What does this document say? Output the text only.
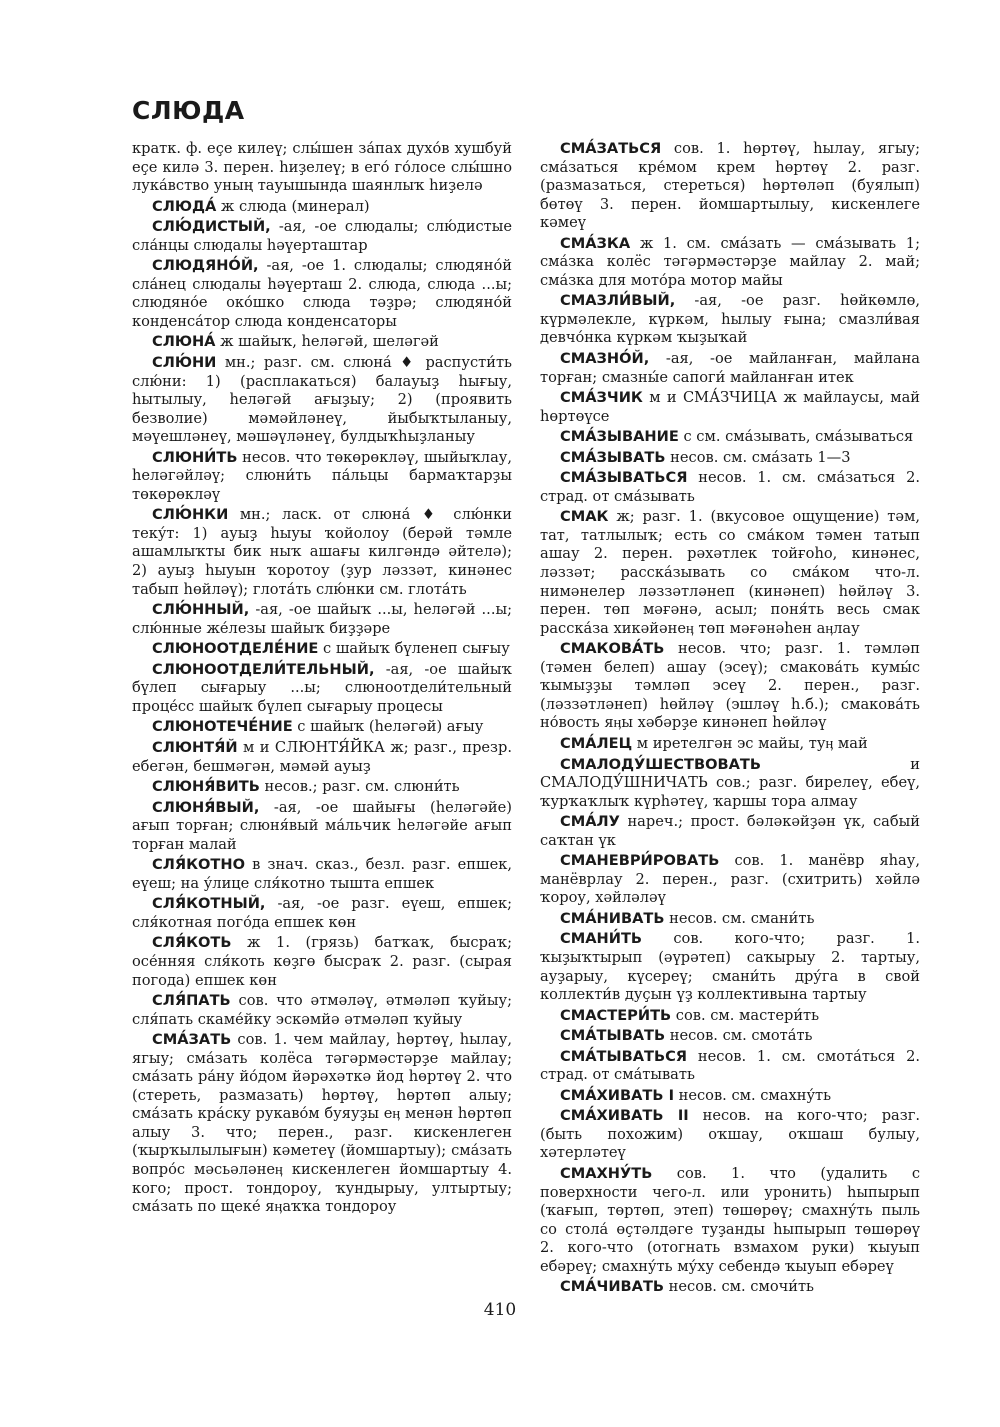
СЛЮДА

кратк. ф. еҫе килеү; слы́шен за́пах духо́в хушбуй еҫе килә 3. перен. һиҙелеү; в его́ го́лосе слы́шно лука́вство уның тауышында шаянлыҡ һиҙелә

СЛЮДА́ ж слюда (минерал)

СЛЮ́ДИСТЫЙ, -ая, -ое слюдалы; слю́дистые сла́нцы слюдалы һәүерташтар

СЛЮДЯНО́Й, -ая, -ое 1. слюдалы; слюдяно́й сла́нец слюдалы һәүерташ 2. слюда, слюда ...ы; слюдяно́е око́шко слюда тәҙрә; слюдяно́й конденса́тор слюда конденсаторы

СЛЮНА́ ж шайыҡ, һеләгәй, шеләгәй

СЛЮ́НИ мн.; разг. см. слюна́ ♦ распусти́ть слю́ни: 1) (расплакаться) балауыҙ һығыу, һытылыу, һеләгәй ағыҙыу; 2) (проявить безволие) мәмәйләнеү, йыбыҡтыланыу, мәүешләнеү, мәшәүләнеү, булдыҡһыҙланыу

СЛЮНИ́ТЬ несов. что төкөрөкләү, шыйыҡлау, һеләгәйләү; слюни́ть па́льцы бармаҡтарҙы төкөрөкләү

СЛЮ́НКИ мн.; ласк. от слюна́ ♦ слю́нки теку́т: 1) ауыҙ һыуы ҡойолоу (берәй тәмле ашамлыҡты бик ныҡ ашағы килгәндә әйтелә); 2) ауыҙ һыуын ҡоротоу (ҙур ләззәт, кинәнес табып һөйләү); глота́ть слю́нки см. глота́ть

СЛЮ́ННЫЙ, -ая, -ое шайыҡ ...ы, һеләгәй ...ы; слю́нные же́лезы шайыҡ биҙҙәре

СЛЮНООТДЕЛЕ́НИЕ с шайыҡ бүленеп сығыу

СЛЮНООТДЕЛИ́ТЕЛЬНЫЙ, -ая, -ое шайыҡ бүлеп сығарыу ...ы; слюноотдели́тельный проце́сс шайыҡ бүлеп сығарыу процесы

СЛЮНОТЕЧЕ́НИЕ с шайыҡ (һеләгәй) ағыу

СЛЮНТЯ́Й м и СЛЮНТЯ́ЙКА ж; разг., презр. ебегән, бешмәгән, мәмәй ауыҙ

СЛЮНЯ́ВИТЬ несов.; разг. см. слюни́ть

СЛЮНЯ́ВЫЙ, -ая, -ое шайығы (һеләгәйе) ағып торған; слюня́вый ма́льчик һеләгәйе ағып торған малай

СЛЯ́КОТНО в знач. сказ., безл. разг. епшек, еүеш; на у́лице сля́котно тышта епшек

СЛЯ́КОТНЫЙ, -ая, -ое разг. еүеш, епшек; сля́котная пого́да епшек көн

СЛЯ́КОТЬ ж 1. (грязь) батҡаҡ, бысраҡ; осе́нняя сля́коть көҙгө бысраҡ 2. разг. (сырая погода) епшек көн

СЛЯ́ПАТЬ сов. что әтмәләү, әтмәләп ҡуйыу; сля́пать скаме́йку эскәмйә әтмәләп ҡуйыу

СМА́ЗАТЬ сов. 1. чем майлау, һөртөү, һылау, ягыу; сма́зать колёса тәгәрмәстәрҙе майлау; сма́зать ра́ну йо́дом йәрәхәткә йод һөртөү 2. что (стереть, размазать) һөртөү, һөртөп алыу; сма́зать кра́ску рукаво́м буяуҙы еӊ менән һөртөп алыу 3. что; перен., разг. кискенлеген (ҡырҡылылығын) кәметеү (йомшартыу); сма́зать вопро́с мәсьәләнеӊ кискенлеген йомшартыу 4. кого; прост. тондороу, ҡундырыу, ултыртыу; сма́зать по щеке́ яӊаҡҡа тондороу

СМА́ЗАТЬСЯ сов. 1. һөртөү, һылау, ягыу; сма́заться кре́мом крем һөртөү 2. разг. (размазаться, стереться) һөртөләп (буялып) бөтөү 3. перен. йомшартылыу, кискенлеге кәмеү

СМА́ЗКА ж 1. см. сма́зать — сма́зывать 1; сма́зка колёс тәгәрмәстәрҙе майлау 2. май; сма́зка для мото́ра мотор майы

СМАЗЛИ́ВЫЙ, -ая, -ое разг. һөйкөмлө, күрмәлекле, күркәм, һылыу ғына; смазли́вая девчо́нка күркәм ҡыҙыҡай

СМАЗНО́Й, -ая, -ое майланған, майлана торған; смазны́е сапоги́ майланған итек

СМА́ЗЧИК м и СМА́ЗЧИЦА ж майлаусы, май һөртөүсе

СМА́ЗЫВАНИЕ с см. сма́зывать, сма́зываться

СМА́ЗЫВАТЬ несов. см. сма́зать 1—3

СМА́ЗЫВАТЬСЯ несов. 1. см. сма́заться 2. страд. от сма́зывать

СМАК ж; разг. 1. (вкусовое ощущение) тәм, тат, татлылыҡ; есть со сма́ком тәмен татып ашау 2. перен. рәхәтлек тойғоһо, кинәнес, ләззәт; расска́зывать со сма́ком что-л. нимәнелер ләззәтләнеп (кинәнеп) һөйләү 3. перен. төп мәғәнә, асыл; поня́ть весь смак расска́за хикәйәнеӊ төп мәғәнәһен аӊлау

СМАКОВА́ТЬ несов. что; разг. 1. тәмләп (тәмен белеп) ашау (эсеү); смакова́ть кумы́с ҡымыҙҙы тәмләп эсеү 2. перен., разг. (ләззәтләнеп) һөйләү (эшләү һ.б.); смакова́ть но́вость яӊы хәбәрҙе кинәнеп һөйләү

СМА́ЛЕЦ м иретелгән эс майы, туӊ май

СМАЛОДУ́ШЕСТВОВАТЬ и СМАЛОДУ́ШНИЧАТЬ сов.; разг. бирелеү, ебеү, ҡурҡаҡлыҡ күрһәтеү, ҡаршы тора алмау

СМА́ЛУ нареч.; прост. бәләкәйҙән үк, сабый саҡтан үк

СМАНЕВРИ́РОВАТЬ сов. 1. манёвр яһау, манёврлау 2. перен., разг. (схитрить) хәйлә ҡороу, хәйләләү

СМА́НИВАТЬ несов. см. смани́ть

СМАНИ́ТЬ сов. кого-что; разг. 1. ҡыҙыҡтырып (әүрәтеп) саҡырыу 2. тартыу, ауҙарыу, күсереү; смани́ть дру́га в свой коллекти́в дуҫын үҙ коллективына тартыу

СМАСТЕРИ́ТЬ сов. см. мастери́ть

СМА́ТЫВАТЬ несов. см. смота́ть

СМА́ТЫВАТЬСЯ несов. 1. см. смота́ться 2. страд. от сма́тывать

СМА́ХИВАТЬ I несов. см. смахну́ть

СМА́ХИВАТЬ II несов. на кого-что; разг. (быть похожим) оҡшау, оҡшаш булыу, хәтерләтеү

СМАХНУ́ТЬ сов. 1. что (удалить с поверхности чего-л. или уронить) һыпырып (ҡағып, төртөп, этеп) төшөрөү; смахну́ть пыль со стола́ өҫтәлдәге туҙанды һыпырып төшөрөү 2. кого-что (отогнать взмахом руки) ҡыуып ебәреү; смахну́ть му́ху себендә ҡыуып ебәреү

СМА́ЧИВАТЬ несов. см. смочи́ть

410
